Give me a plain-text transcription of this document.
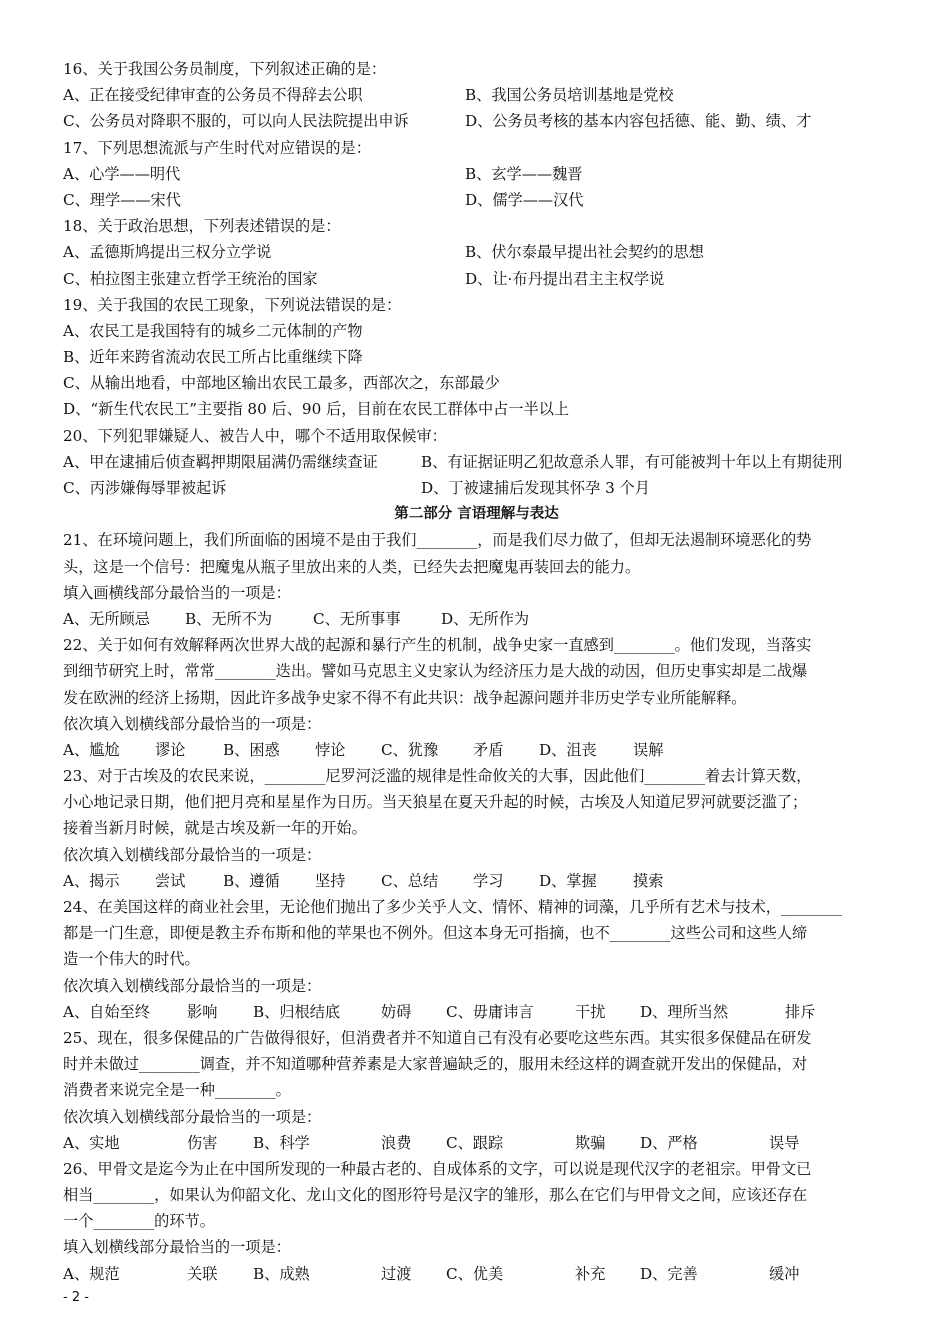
16、关于我国公务员制度，下列叙述正确的是：
A、正在接受纪律审查的公务员不得辞去公职	B、我国公务员培训基地是党校
C、公务员对降职不服的，可以向人民法院提出申诉	D、公务员考核的基本内容包括德、能、勤、绩、才
17、下列思想流派与产生时代对应错误的是：
A、心学——明代	B、玄学——魏晋
C、理学——宋代	D、儒学——汉代
18、关于政治思想，下列表述错误的是：
A、孟德斯鸠提出三权分立学说	B、伏尔泰最早提出社会契约的思想
C、柏拉图主张建立哲学王统治的国家	D、让·布丹提出君主主权学说
19、关于我国的农民工现象，下列说法错误的是：
A、农民工是我国特有的城乡二元体制的产物
B、近年来跨省流动农民工所占比重继续下降
C、从输出地看，中部地区输出农民工最多，西部次之，东部最少
D、“新生代农民工”主要指 80 后、90 后，目前在农民工群体中占一半以上
20、下列犯罪嫌疑人、被告人中，哪个不适用取保候审：
A、甲在逮捕后侦查羁押期限届满仍需继续查证	B、有证据证明乙犯故意杀人罪，有可能被判十年以上有期徒刑
C、丙涉嫌侮辱罪被起诉	D、丁被逮捕后发现其怀孕 3 个月
第二部分 言语理解与表达
21、在环境问题上，我们所面临的困境不是由于我们________，而是我们尽力做了，但却无法遏制环境恶化的势
头，这是一个信号：把魔鬼从瓶子里放出来的人类，已经失去把魔鬼再装回去的能力。
填入画横线部分最恰当的一项是：
A、无所顾忌 B、无所不为	C、无所事事	D、无所作为
22、关于如何有效解释两次世界大战的起源和暴行产生的机制，战争史家一直感到________。他们发现，当落实
到细节研究上时，常常________迭出。譬如马克思主义史家认为经济压力是大战的动因，但历史事实却是二战爆
发在欧洲的经济上扬期，因此许多战争史家不得不有此共识：战争起源问题并非历史学专业所能解释。
依次填入划横线部分最恰当的一项是：
A、尴尬 谬论 B、困惑 悖论 C、犹豫 矛盾 D、沮丧 误解
23、对于古埃及的农民来说，________尼罗河泛滥的规律是性命攸关的大事，因此他们________着去计算天数，
小心地记录日期，他们把月亮和星星作为日历。当天狼星在夏天升起的时候，古埃及人知道尼罗河就要泛滥了；
接着当新月时候，就是古埃及新一年的开始。
依次填入划横线部分最恰当的一项是：
A、揭示 尝试 B、遵循 坚持 C、总结 学习 D、掌握 摸索
24、在美国这样的商业社会里，无论他们抛出了多少关乎人文、情怀、精神的词藻，几乎所有艺术与技术，________
都是一门生意，即便是教主乔布斯和他的苹果也不例外。但这本身无可指摘，也不________这些公司和这些人缔
造一个伟大的时代。
依次填入划横线部分最恰当的一项是：
A、自始至终 影响 B、归根结底	妨碍 C、毋庸讳言	干扰 D、理所当然	排斥
25、现在，很多保健品的广告做得很好，但消费者并不知道自己有没有必要吃这些东西。其实很多保健品在研发
时并未做过________调查，并不知道哪种营养素是大家普遍缺乏的，服用未经这样的调查就开发出的保健品，对
消费者来说完全是一种________。
依次填入划横线部分最恰当的一项是：
A、实地	伤害 B、科学	浪费 C、跟踪	欺骗 D、严格	误导
26、甲骨文是迄今为止在中国所发现的一种最古老的、自成体系的文字，可以说是现代汉字的老祖宗。甲骨文已
相当________，如果认为仰韶文化、龙山文化的图形符号是汉字的雏形，那么在它们与甲骨文之间，应该还存在
一个________的环节。
填入划横线部分最恰当的一项是：
A、规范	关联 B、成熟	过渡 C、优美	补充 D、完善	缓冲
- 2 -
